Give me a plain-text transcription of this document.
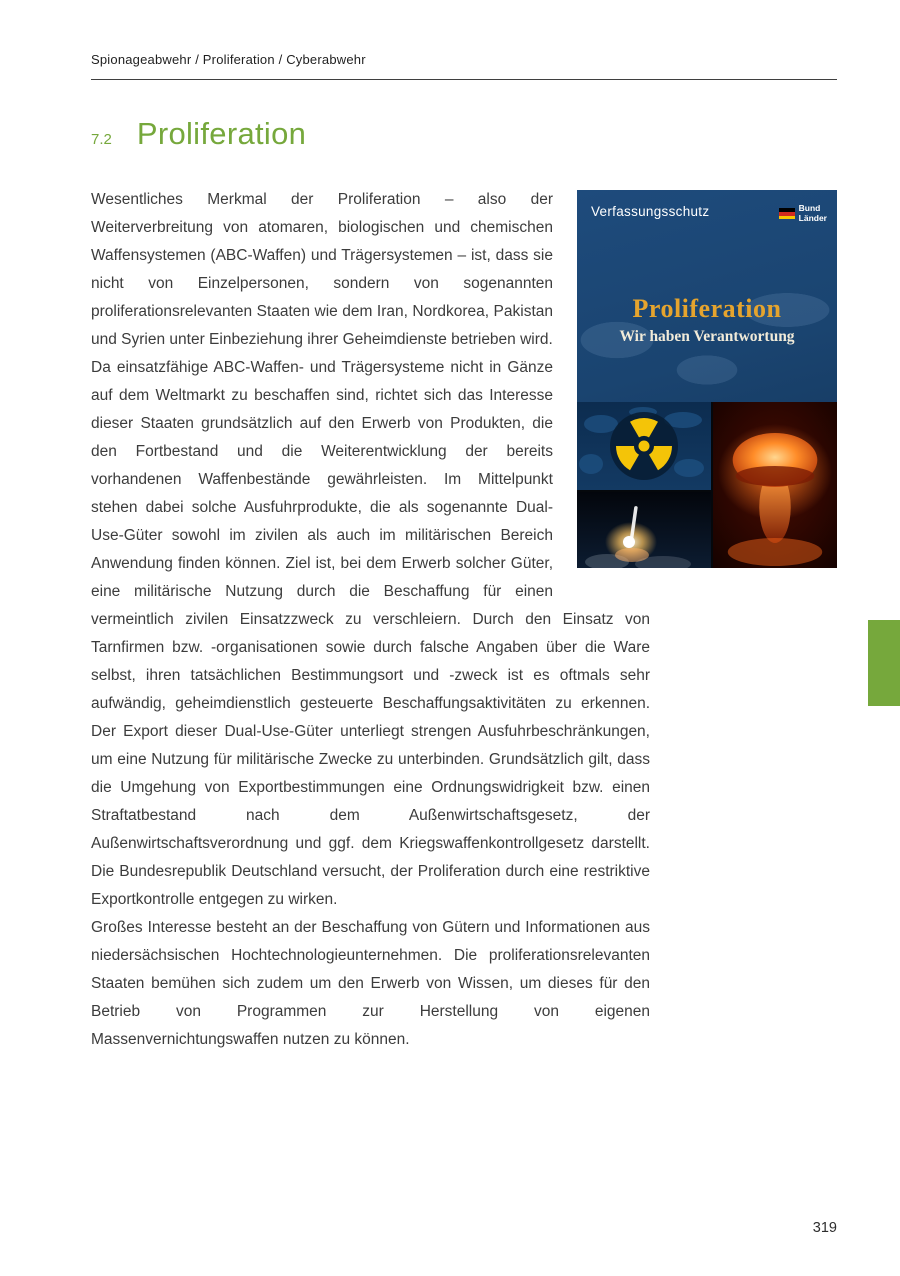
Spionageabwehr / Proliferation / Cyberabwehr
7.2 Proliferation

Wesentliches Merkmal der Proliferation – also der Weiterverbreitung von atomaren, biologischen und chemischen Waffensystemen (ABC-Waffen) und Trägersystemen – ist, dass sie nicht von Einzelpersonen, sondern von sogenannten proliferationsrelevanten Staaten wie dem Iran, Nordkorea, Pakistan und Syrien unter Einbeziehung ihrer Geheimdienste betrieben wird.

Da einsatzfähige ABC-Waffen- und Trägersysteme nicht in Gänze auf dem Weltmarkt zu beschaffen sind, richtet sich das Interesse dieser Staaten grundsätzlich auf den Erwerb von Produkten, die den Fortbestand und die Weiterentwicklung der bereits vorhandenen Waffenbestände gewährleisten. Im Mittelpunkt stehen dabei solche Ausfuhrprodukte, die als sogenannte Dual-Use-Güter sowohl im zivilen als auch im militärischen Bereich Anwendung finden können. Ziel ist, bei dem Erwerb solcher Güter, eine militärische Nutzung durch die Beschaffung für einen vermeintlich zivilen Einsatzzweck zu verschleiern. Durch den Einsatz von Tarnfirmen bzw. -organisationen sowie durch falsche Angaben über die Ware selbst, ihren tatsächlichen Bestimmungsort und -zweck ist es oftmals sehr aufwändig, geheimdienstlich gesteuerte Beschaffungsaktivitäten zu erkennen. Der Export dieser Dual-Use-Güter unterliegt strengen Ausfuhrbeschränkungen, um eine Nutzung für militärische Zwecke zu unterbinden. Grundsätzlich gilt, dass die Umgehung von Exportbestimmungen eine Ordnungswidrigkeit bzw. einen Straftatbestand nach dem Außenwirtschaftsgesetz, der Außenwirtschaftsverordnung und ggf. dem Kriegswaffenkontrollgesetz darstellt. Die Bundesrepublik Deutschland versucht, der Proliferation durch eine restriktive Exportkontrolle entgegen zu wirken.

Großes Interesse besteht an der Beschaffung von Gütern und Informationen aus niedersächsischen Hochtechnologieunternehmen. Die proliferationsrelevanten Staaten bemühen sich zudem um den Erwerb von Wissen, um dieses für den Betrieb von Programmen zur Herstellung von eigenen Massenvernichtungswaffen nutzen zu können.

Verfassungsschutz	Bund
Länder
Proliferation
Wir haben Verantwortung
319
